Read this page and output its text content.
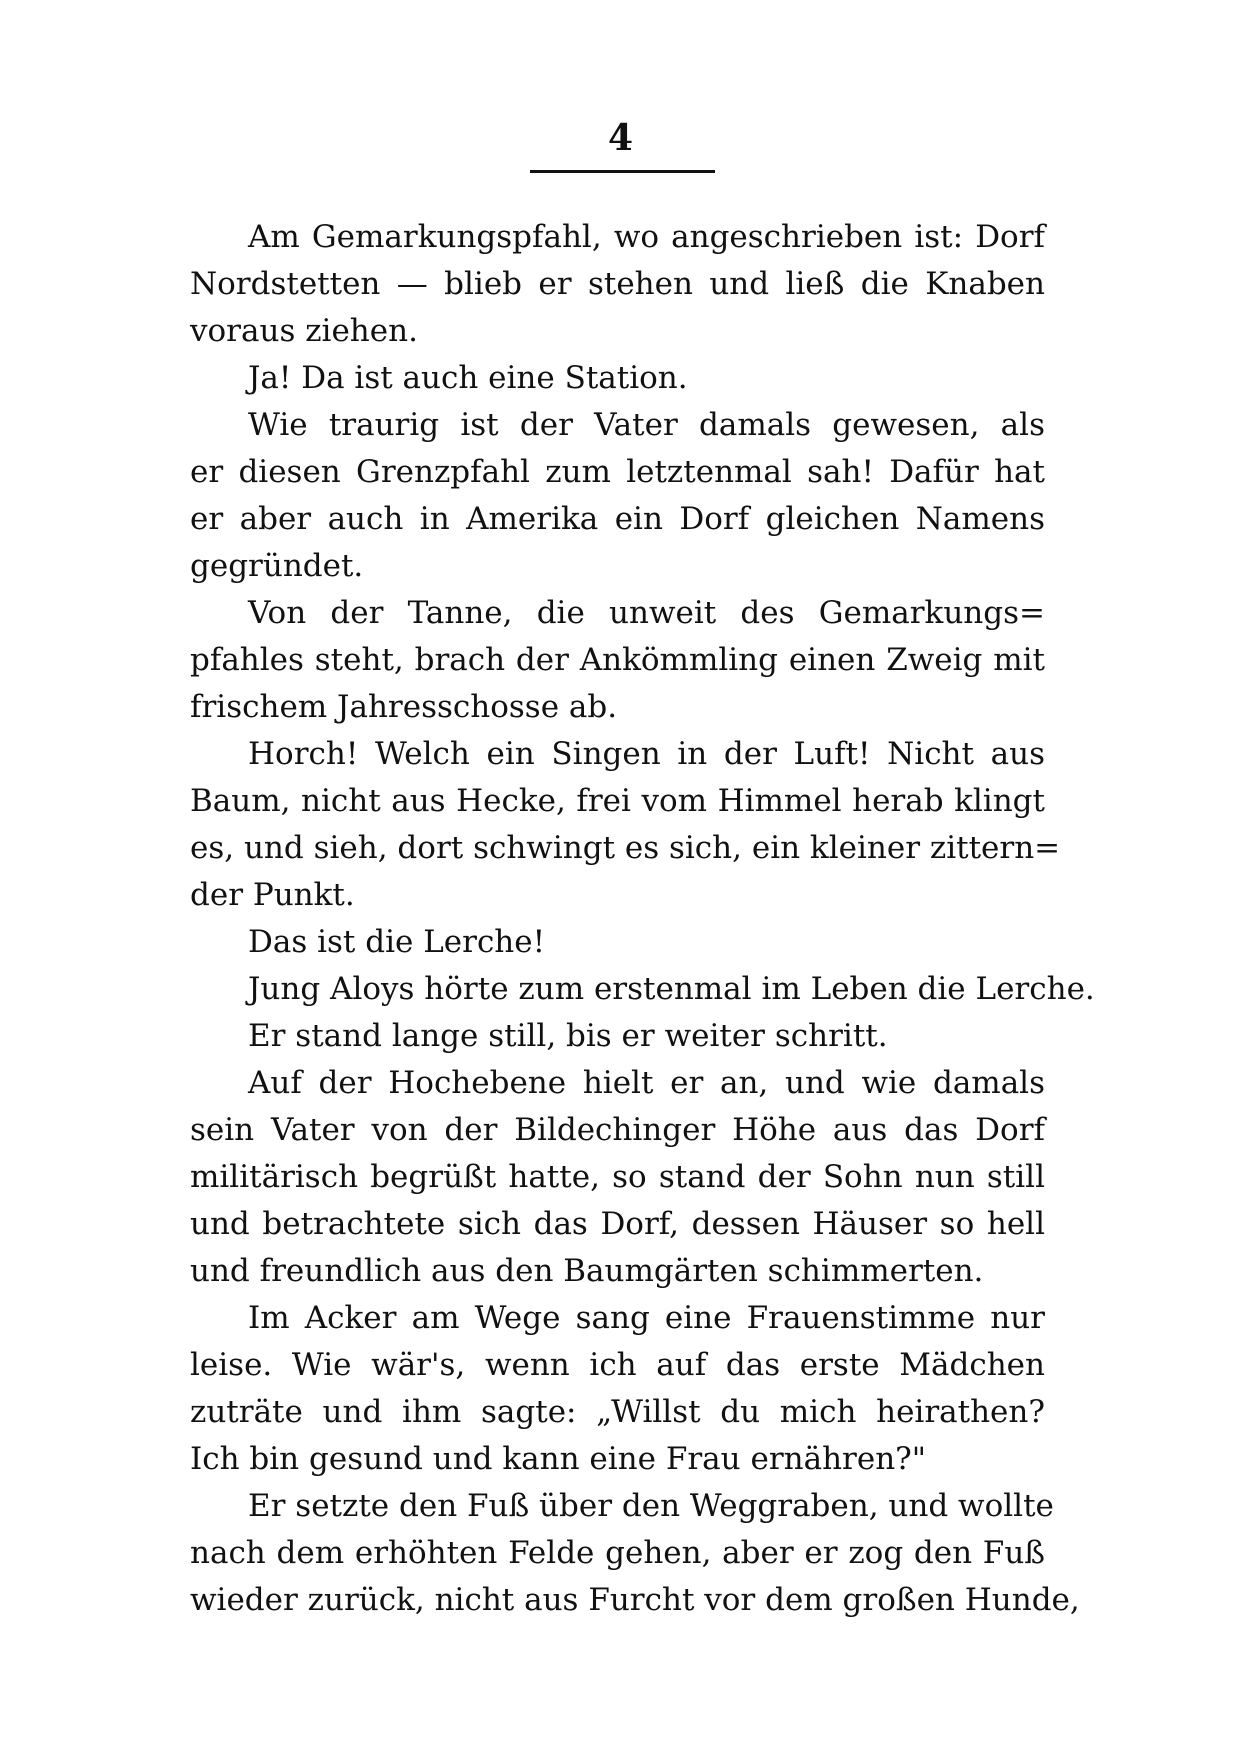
4
Am Gemarkungspfahl, wo angeschrieben ist: Dorf
Nordstetten — blieb er stehen und ließ die Knaben
voraus ziehen.
Ja! Da ist auch eine Station.
Wie traurig ist der Vater damals gewesen, als
er diesen Grenzpfahl zum letztenmal sah! Dafür hat
er aber auch in Amerika ein Dorf gleichen Namens
gegründet.
Von der Tanne, die unweit des Gemarkungs=
pfahles steht, brach der Ankömmling einen Zweig mit
frischem Jahresschosse ab.
Horch! Welch ein Singen in der Luft! Nicht aus
Baum, nicht aus Hecke, frei vom Himmel herab klingt
es, und sieh, dort schwingt es sich, ein kleiner zittern=
der Punkt.
Das ist die Lerche!
Jung Aloys hörte zum erstenmal im Leben die Lerche.
Er stand lange still, bis er weiter schritt.
Auf der Hochebene hielt er an, und wie damals
sein Vater von der Bildechinger Höhe aus das Dorf
militärisch begrüßt hatte, so stand der Sohn nun still
und betrachtete sich das Dorf, dessen Häuser so hell
und freundlich aus den Baumgärten schimmerten.
Im Acker am Wege sang eine Frauenstimme nur
leise. Wie wär's, wenn ich auf das erste Mädchen
zuträte und ihm sagte: „Willst du mich heirathen?
Ich bin gesund und kann eine Frau ernähren?"
Er setzte den Fuß über den Weggraben, und wollte
nach dem erhöhten Felde gehen, aber er zog den Fuß
wieder zurück, nicht aus Furcht vor dem großen Hunde,
